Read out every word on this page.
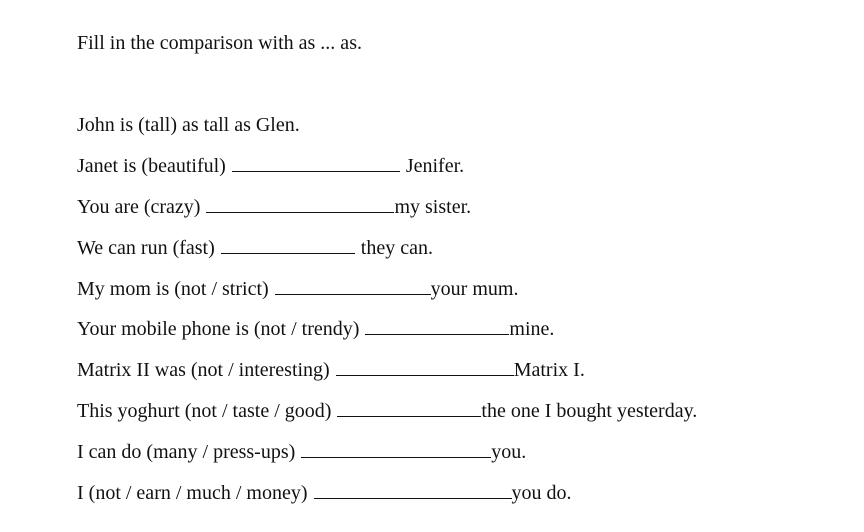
Fill in the comparison with as ... as.
John is (tall) as tall as Glen.
Janet is (beautiful)	Jenifer.
You are (crazy)	my sister.
We can run (fast)	they can.
My mom is (not / strict)	your mum.
Your mobile phone is (not / trendy)	mine.
Matrix II was (not / interesting)	Matrix I.
This yoghurt (not / taste / good)	the one I bought yesterday.
I can do (many / press-ups)	you.
I (not / earn / much / money)	you do.
